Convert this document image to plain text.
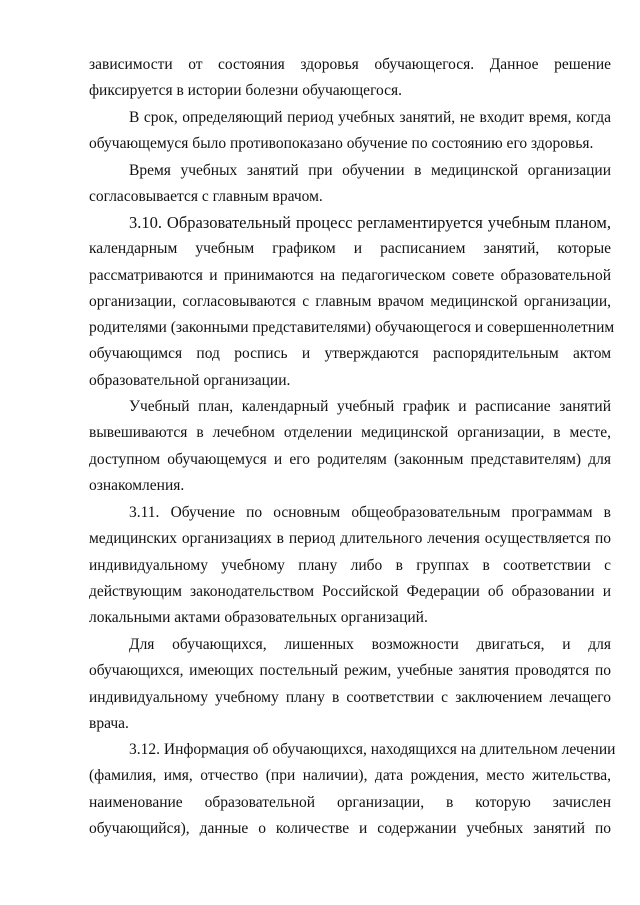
зависимости от состояния здоровья обучающегося. Данное решение
фиксируется в истории болезни обучающегося.
В срок, определяющий период учебных занятий, не входит время, когда
обучающемуся было противопоказано обучение по состоянию его здоровья.
Время учебных занятий при обучении в медицинской организации
согласовывается с главным врачом.
3.10. Образовательный процесс регламентируется учебным планом,
календарным учебным графиком и расписанием занятий, которые
рассматриваются и принимаются на педагогическом совете образовательной
организации, согласовываются с главным врачом медицинской организации,
родителями (законными представителями) обучающегося и совершеннолетним
обучающимся под роспись и утверждаются распорядительным актом
образовательной организации.
Учебный план, календарный учебный график и расписание занятий
вывешиваются в лечебном отделении медицинской организации, в месте,
доступном обучающемуся и его родителям (законным представителям) для
ознакомления.
3.11. Обучение по основным общеобразовательным программам в
медицинских организациях в период длительного лечения осуществляется по
индивидуальному учебному плану либо в группах в соответствии с
действующим законодательством Российской Федерации об образовании и
локальными актами образовательных организаций.
Для обучающихся, лишенных возможности двигаться, и для
обучающихся, имеющих постельный режим, учебные занятия проводятся по
индивидуальному учебному плану в соответствии с заключением лечащего
врача.
3.12. Информация об обучающихся, находящихся на длительном лечении
(фамилия, имя, отчество (при наличии), дата рождения, место жительства,
наименование образовательной организации, в которую зачислен
обучающийся), данные о количестве и содержании учебных занятий по
